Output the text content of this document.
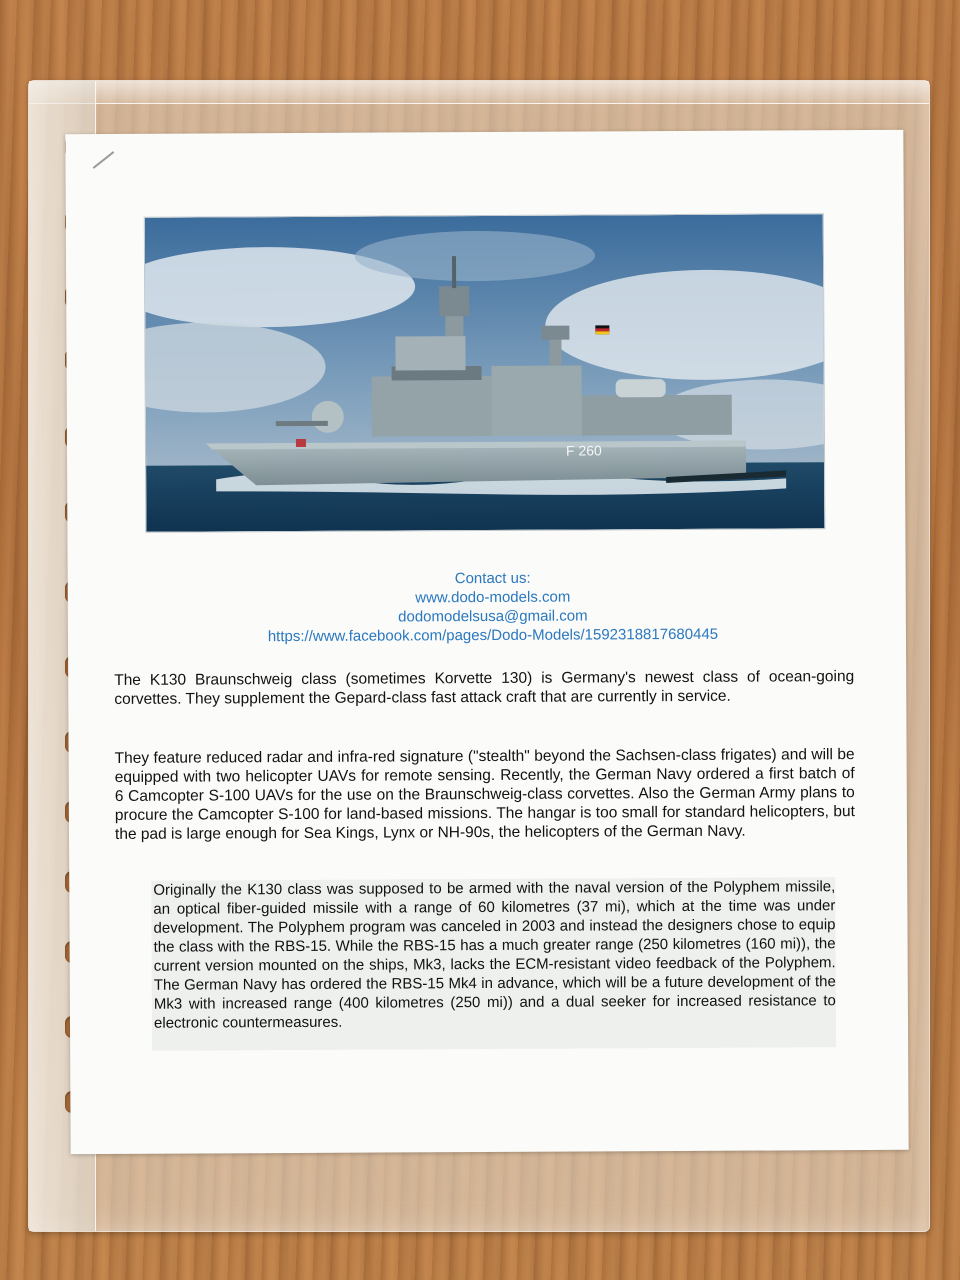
F 260
Contact us:
www.dodo-models.com
dodomodelsusa@gmail.com
https://www.facebook.com/pages/Dodo-Models/1592318817680445
The K130 Braunschweig class (sometimes Korvette 130) is Germany's newest class of ocean-going corvettes. They supplement the Gepard-class fast attack craft that are currently in service.
They feature reduced radar and infra-red signature ("stealth" beyond the Sachsen-class frigates) and will be equipped with two helicopter UAVs for remote sensing. Recently, the German Navy ordered a first batch of 6 Camcopter S-100 UAVs for the use on the Braunschweig-class corvettes. Also the German Army plans to procure the Camcopter S-100 for land-based missions. The hangar is too small for standard helicopters, but the pad is large enough for Sea Kings, Lynx or NH-90s, the helicopters of the German Navy.
Originally the K130 class was supposed to be armed with the naval version of the Polyphem missile, an optical fiber-guided missile with a range of 60 kilometres (37 mi), which at the time was under development. The Polyphem program was canceled in 2003 and instead the designers chose to equip the class with the RBS-15. While the RBS-15 has a much greater range (250 kilometres (160 mi)), the current version mounted on the ships, Mk3, lacks the ECM-resistant video feedback of the Polyphem. The German Navy has ordered the RBS-15 Mk4 in advance, which will be a future development of the Mk3 with increased range (400 kilometres (250 mi)) and a dual seeker for increased resistance to electronic countermeasures.
